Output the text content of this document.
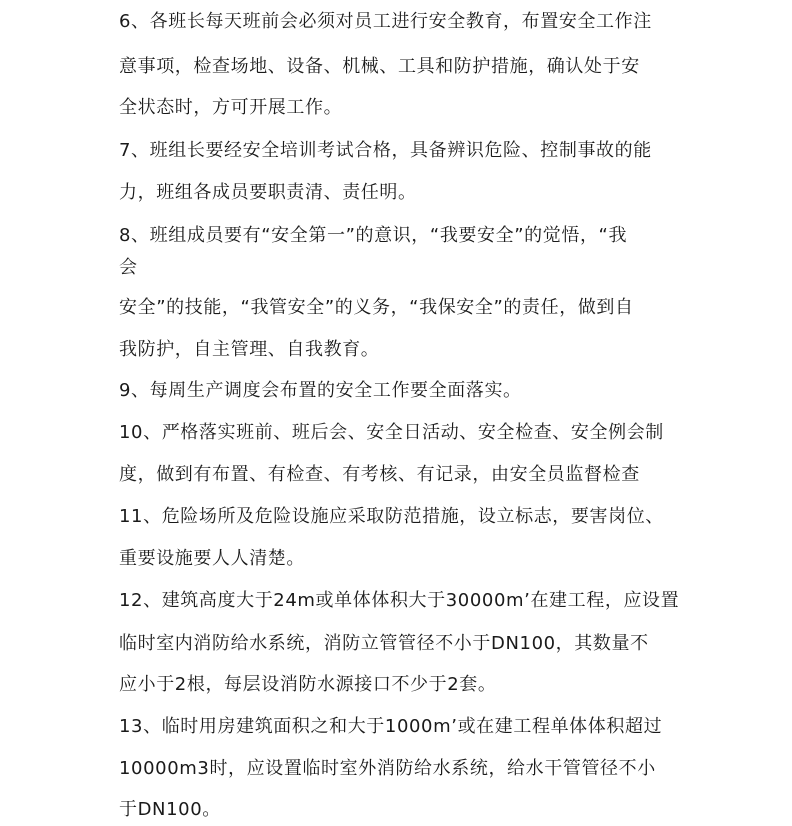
6、各班长每天班前会必须对员工进行安全教育，布置安全工作注
意事项，检查场地、设备、机械、工具和防护措施，确认处于安
全状态时，方可开展工作。
7、班组长要经安全培训考试合格，具备辨识危险、控制事故的能
力，班组各成员要职责清、责任明。
8、班组成员要有“安全第一”的意识，“我要安全”的觉悟，“我
会
安全”的技能，“我管安全”的义务，“我保安全”的责任，做到自
我防护，自主管理、自我教育。
9、每周生产调度会布置的安全工作要全面落实。
10、严格落实班前、班后会、安全日活动、安全检查、安全例会制
度，做到有布置、有检查、有考核、有记录，由安全员监督检查
11、危险场所及危险设施应采取防范措施，设立标志，要害岗位、
重要设施要人人清楚。
12、建筑高度大于24m或单体体积大于30000m’在建工程，应设置
临时室内消防给水系统，消防立管管径不小于DN100，其数量不
应小于2根，每层设消防水源接口不少于2套。
13、临时用房建筑面积之和大于1000m’或在建工程单体体积超过
10000m3时，应设置临时室外消防给水系统，给水干管管径不小
于DN100。
